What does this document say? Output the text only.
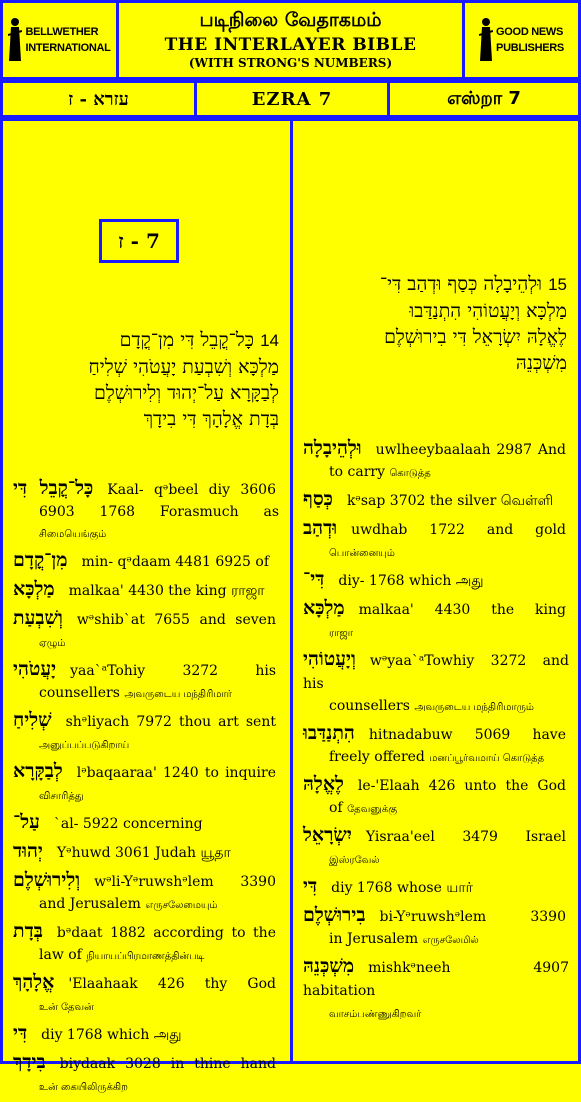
BELLWETHER
INTERNATIONAL
படிநிலை வேதாகமம்
THE INTERLAYER BIBLE
(WITH STRONG'S NUMBERS)
GOOD NEWS
PUBLISHERS
עזרא - ז	EZRA 7	எஸ்றா 7
7 - ז
14 כָּל־קֳבֵל דִּי מִן־קֳדָם
מַלְכָּא וְשִׁבְעַת יָעֲטֹהִי שְׁלִיחַ
לְבַקָּרָא עַל־יְהוּד וְלִירוּשְׁלֶם
בְּדָת אֱלָהָךְ דִּי בִידָךְ
כָּל־קֳבֵל דִּי Kaal- qᵊbeel diy 3606
6903 1768 Forasmuch as சிமையெங்கும்
מִן־קֳדָם min- qᵊdaam 4481 6925 of
מַלְכָּא malkaa' 4430 the king ராஜா
וְשִׁבְעַת wᵊshib`at 7655 and seven
ஏழும்
יָעֲטֹהִי yaa`ᵃTohiy 3272 his
counsellers அவருடைய மந்திரிமார்
שְׁלִיחַ shᵊliyach 7972 thou art sent
அனுப்பப்படுகிறாய்
לְבַקָּרָא lᵊbaqaaraa' 1240 to inquire
விசாரித்து
עַל־ `al- 5922 concerning
יְהוּד Yᵊhuwd 3061 Judah யூதா
וְלִירוּשְׁלֶם wᵊli-Yᵊruwshᵊlem 3390
and Jerusalem எருசலேமையும்
בְּדָת bᵊdaat 1882 according to the
law of நியாயப்பிரமாணத்தின்படி
אֱלָהָךְ 'Elaahaak 426 thy God
உன் தேவன்
דִּי diy 1768 which அது
בִידָךְ biydaak 3028 in thine hand
உன் கையிலிருக்கிற
15 וּלְהֵיבָלָה כְּסַף וּדְהַב דִּי־
מַלְכָּא וְיָעֲטוֹהִי הִתְנַדַּבוּ
לֶאֱלָהּ יִשְׂרָאֵל דִּי בִירוּשְׁלֶם
מִשְׁכְּנֵהּ
וּלְהֵיבָלָה uwlheeybaalaah 2987 And
to carry கொடுத்த
כְּסַף kᵊsap 3702 the silver வெள்ளி
וּדְהַב uwdhab 1722 and gold
பொன்னையும்
דִּי־ diy- 1768 which அது
מַלְכָּא malkaa' 4430 the king
ராஜா
וְיָעֲטוֹהִי wᵊyaa`ᵃTowhiy 3272 and his
counsellers அவருடைய மந்திரிமாரும்
הִתְנַדַּבוּ hitnadabuw 5069 have
freely offered மனப்பூர்வமாய் கொடுத்த
לֶאֱלָהּ le-'Elaah 426 unto the God
of தேவனுக்கு
יִשְׂרָאֵל Yisraa'eel 3479 Israel
இஸ்ரவேல்
דִּי diy 1768 whose யார்
בִירוּשְׁלֶם bi-Yᵊruwshᵊlem 3390
in Jerusalem எருசலேமில்
מִשְׁכְּנֵהּ mishkᵊneeh 4907 habitation
வாசம்பண்ணுகிறவர்
